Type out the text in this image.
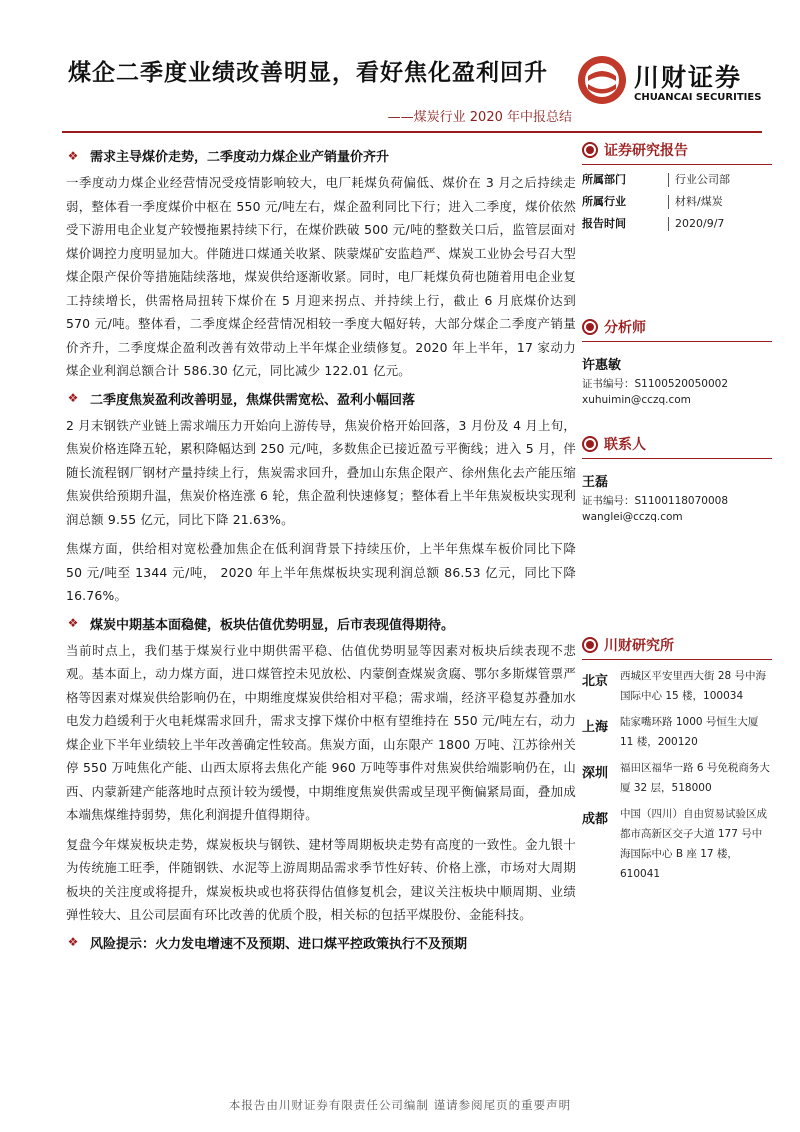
煤企二季度业绩改善明显，看好焦化盈利回升
——煤炭行业 2020 年中报总结
川财证券
CHUANCAI SECURITIES
❖ 需求主导煤价走势，二季度动力煤企业产销量价齐升

一季度动力煤企业经营情况受疫情影响较大，电厂耗煤负荷偏低、煤价在 3 月之后持续走弱，整体看一季度煤价中枢在 550 元/吨左右，煤企盈利同比下行；进入二季度，煤价依然受下游用电企业复产较慢拖累持续下行，在煤价跌破 500 元/吨的整数关口后，监管层面对煤价调控力度明显加大。伴随进口煤通关收紧、陕蒙煤矿安监趋严、煤炭工业协会号召大型煤企限产保价等措施陆续落地，煤炭供给逐渐收紧。同时，电厂耗煤负荷也随着用电企业复工持续增长，供需格局扭转下煤价在 5 月迎来拐点、并持续上行，截止 6 月底煤价达到 570 元/吨。整体看，二季度煤企经营情况相较一季度大幅好转，大部分煤企二季度产销量价齐升，二季度煤企盈利改善有效带动上半年煤企业绩修复。2020 年上半年，17 家动力煤企业利润总额合计 586.30 亿元，同比减少 122.01 亿元。

❖ 二季度焦炭盈利改善明显，焦煤供需宽松、盈利小幅回落

2 月末钢铁产业链上需求端压力开始向上游传导，焦炭价格开始回落，3 月份及 4 月上旬，焦炭价格连降五轮，累积降幅达到 250 元/吨，多数焦企已接近盈亏平衡线；进入 5 月，伴随长流程钢厂钢材产量持续上行，焦炭需求回升，叠加山东焦企限产、徐州焦化去产能压缩焦炭供给预期升温，焦炭价格连涨 6 轮，焦企盈利快速修复；整体看上半年焦炭板块实现利润总额 9.55 亿元，同比下降 21.63%。

焦煤方面，供给相对宽松叠加焦企在低利润背景下持续压价，上半年焦煤车板价同比下降 50 元/吨至 1344 元/吨， 2020 年上半年焦煤板块实现利润总额 86.53 亿元，同比下降 16.76%。

❖ 煤炭中期基本面稳健，板块估值优势明显，后市表现值得期待。

当前时点上，我们基于煤炭行业中期供需平稳、估值优势明显等因素对板块后续表现不悲观。基本面上，动力煤方面，进口煤管控未见放松、内蒙倒查煤炭贪腐、鄂尔多斯煤管票严格等因素对煤炭供给影响仍在，中期维度煤炭供给相对平稳；需求端，经济平稳复苏叠加水电发力趋缓利于火电耗煤需求回升，需求支撑下煤价中枢有望维持在 550 元/吨左右，动力煤企业下半年业绩较上半年改善确定性较高。焦炭方面，山东限产 1800 万吨、江苏徐州关停 550 万吨焦化产能、山西太原将去焦化产能 960 万吨等事件对焦炭供给端影响仍在，山西、内蒙新建产能落地时点预计较为缓慢，中期维度焦炭供需或呈现平衡偏紧局面，叠加成本端焦煤维持弱势，焦化利润提升值得期待。

复盘今年煤炭板块走势，煤炭板块与钢铁、建材等周期板块走势有高度的一致性。金九银十为传统施工旺季，伴随钢铁、水泥等上游周期品需求季节性好转、价格上涨，市场对大周期板块的关注度或将提升，煤炭板块或也将获得估值修复机会，建议关注板块中顺周期、业绩弹性较大、且公司层面有环比改善的优质个股，相关标的包括平煤股份、金能科技。

❖ 风险提示：火力发电增速不及预期、进口煤平控政策执行不及预期
证券研究报告
所属部门	行业公司部
所属行业	材料/煤炭
报告时间	2020/9/7
分析师
许惠敏
证书编号：S1100520050002
xuhuimin@cczq.com
联系人
王磊
证书编号：S1100118070008
wanglei@cczq.com
川财研究所
北京	西城区平安里西大街 28 号中海国际中心 15 楼，100034
上海	陆家嘴环路 1000 号恒生大厦 11 楼，200120
深圳	福田区福华一路 6 号免税商务大厦 32 层，518000
成都	中国（四川）自由贸易试验区成都市高新区交子大道 177 号中海国际中心 B 座 17 楼，610041
本报告由川财证券有限责任公司编制 谨请参阅尾页的重要声明
